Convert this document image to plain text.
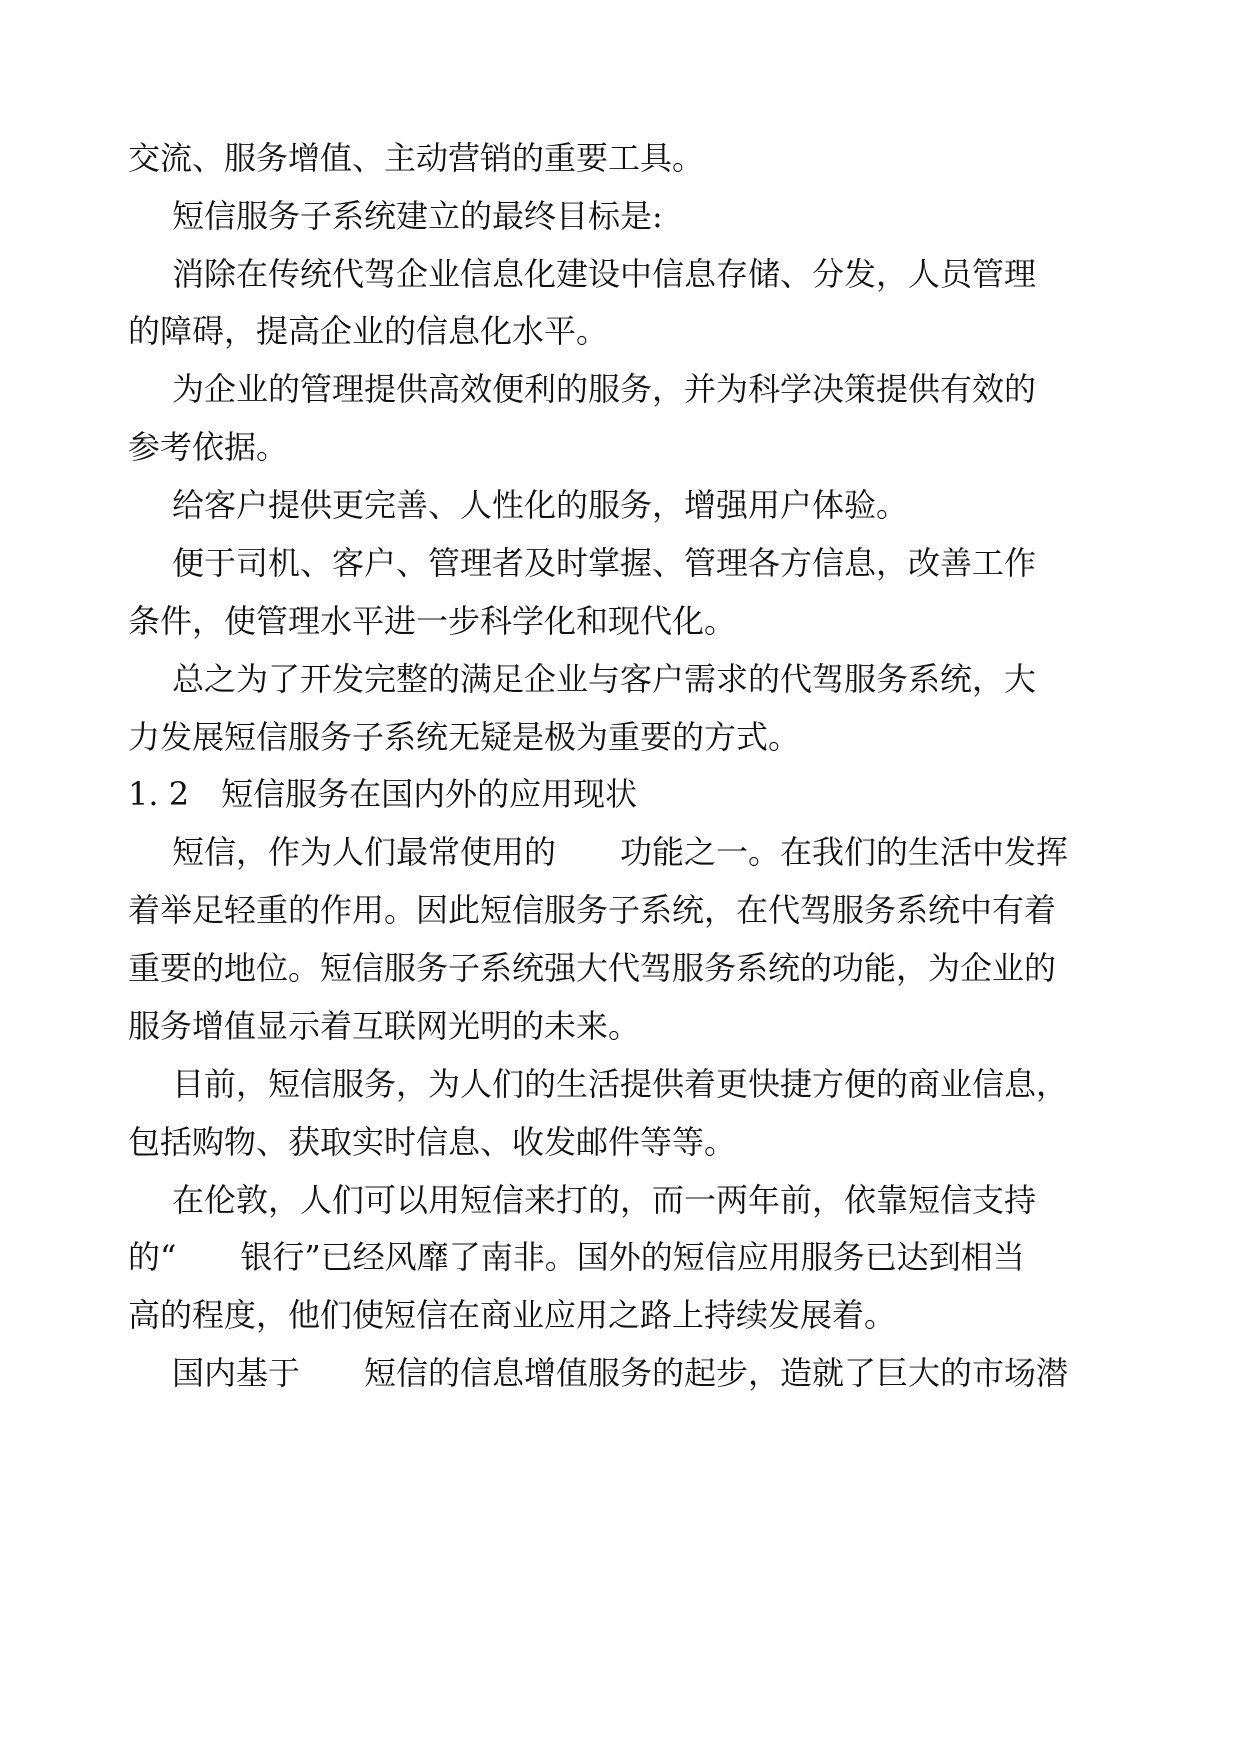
交流、服务增值、主动营销的重要工具。
短信服务子系统建立的最终目标是:
消除在传统代驾企业信息化建设中信息存储、分发，人员管理
的障碍，提高企业的信息化水平。
为企业的管理提供高效便利的服务，并为科学决策提供有效的
参考依据。
给客户提供更完善、人性化的服务，增强用户体验。
便于司机、客户、管理者及时掌握、管理各方信息，改善工作
条件，使管理水平进一步科学化和现代化。
总之为了开发完整的满足企业与客户需求的代驾服务系统，大
力发展短信服务子系统无疑是极为重要的方式。
1. 2　短信服务在国内外的应用现状
短信，作为人们最常使用的　　功能之一。在我们的生活中发挥
着举足轻重的作用。因此短信服务子系统，在代驾服务系统中有着
重要的地位。短信服务子系统强大代驾服务系统的功能，为企业的
服务增值显示着互联网光明的未来。
目前，短信服务，为人们的生活提供着更快捷方便的商业信息，
包括购物、获取实时信息、收发邮件等等。
在伦敦，人们可以用短信来打的，而一两年前，依靠短信支持
的“　　银行”已经风靡了南非。国外的短信应用服务已达到相当
高的程度，他们使短信在商业应用之路上持续发展着。
国内基于　　短信的信息增值服务的起步，造就了巨大的市场潜
